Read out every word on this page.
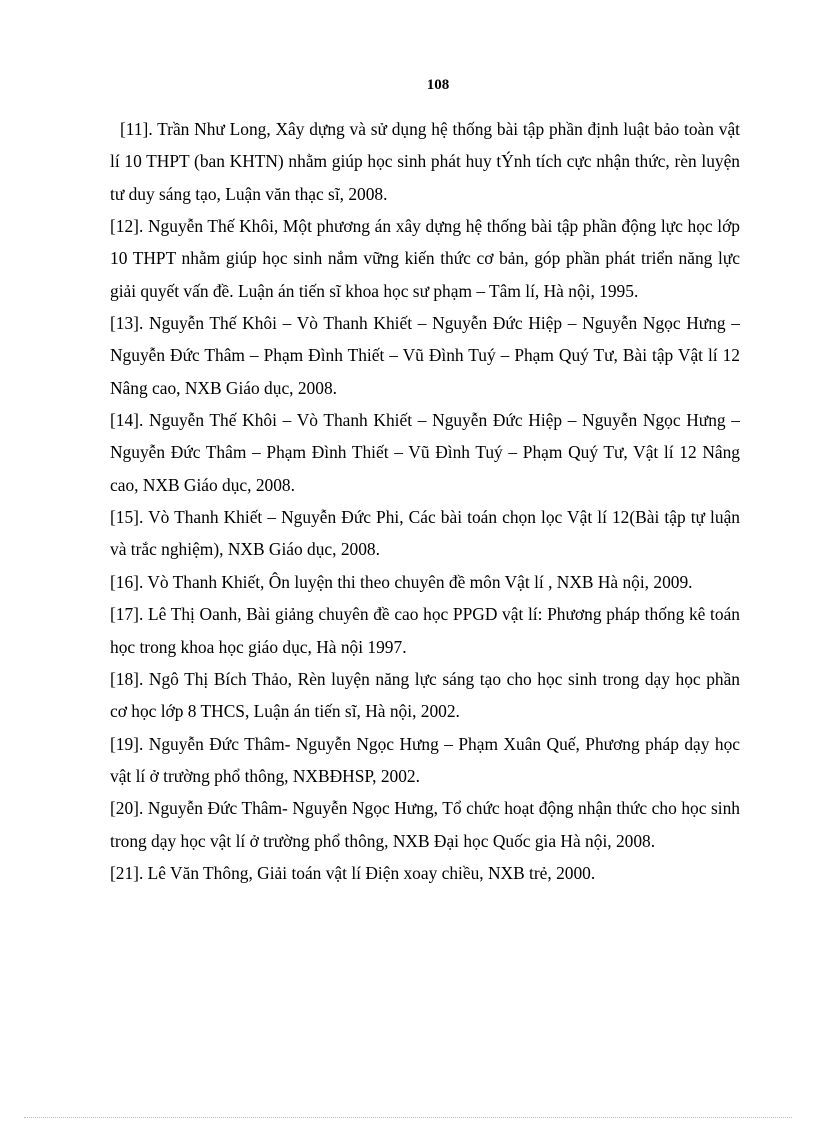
108
[11]. Trần Như Long, Xây dựng và sử dụng hệ thống bài tập phần định luật bảo toàn vật lí 10 THPT (ban KHTN) nhằm giúp học sinh phát huy tÝnh tích cực nhận thức, rèn luyện tư duy sáng tạo, Luận văn thạc sĩ, 2008.
[12]. Nguyễn Thế Khôi, Một phương án xây dựng hệ thống bài tập phần động lực học lớp 10 THPT nhằm giúp học sinh nắm vững kiến thức cơ bản, góp phần phát triển năng lực giải quyết vấn đề. Luận án tiến sĩ khoa học sư phạm – Tâm lí, Hà nội, 1995.
[13]. Nguyễn Thế Khôi – Vò Thanh Khiết – Nguyễn Đức Hiệp – Nguyễn Ngọc Hưng – Nguyễn Đức Thâm – Phạm Đình Thiết – Vũ Đình Tuý – Phạm Quý Tư, Bài tập Vật lí 12 Nâng cao, NXB Giáo dục, 2008.
[14]. Nguyễn Thế Khôi – Vò Thanh Khiết – Nguyễn Đức Hiệp – Nguyễn Ngọc Hưng – Nguyễn Đức Thâm – Phạm Đình Thiết – Vũ Đình Tuý – Phạm Quý Tư, Vật lí 12 Nâng cao, NXB Giáo dục, 2008.
[15]. Vò Thanh Khiết – Nguyễn Đức Phi, Các bài toán chọn lọc Vật lí 12(Bài tập tự luận và trắc nghiệm), NXB Giáo dục, 2008.
[16]. Vò Thanh Khiết, Ôn luyện thi theo chuyên đề môn Vật lí , NXB Hà nội, 2009.
[17]. Lê Thị Oanh, Bài giảng chuyên đề cao học PPGD vật lí: Phương pháp thống kê toán học trong khoa học giáo dục, Hà nội 1997.
[18]. Ngô Thị Bích Thảo, Rèn luyện năng lực sáng tạo cho học sinh trong dạy học phần cơ học lớp 8 THCS, Luận án tiến sĩ, Hà nội, 2002.
[19]. Nguyễn Đức Thâm- Nguyễn Ngọc Hưng – Phạm Xuân Quế, Phương pháp dạy học vật lí ở trường phổ thông, NXBĐHSP, 2002.
[20]. Nguyễn Đức Thâm- Nguyễn Ngọc Hưng, Tổ chức hoạt động nhận thức cho học sinh trong dạy học vật lí ở trường phổ thông, NXB Đại học Quốc gia Hà nội, 2008.
[21]. Lê Văn Thông, Giải toán vật lí Điện xoay chiều, NXB trẻ, 2000.
